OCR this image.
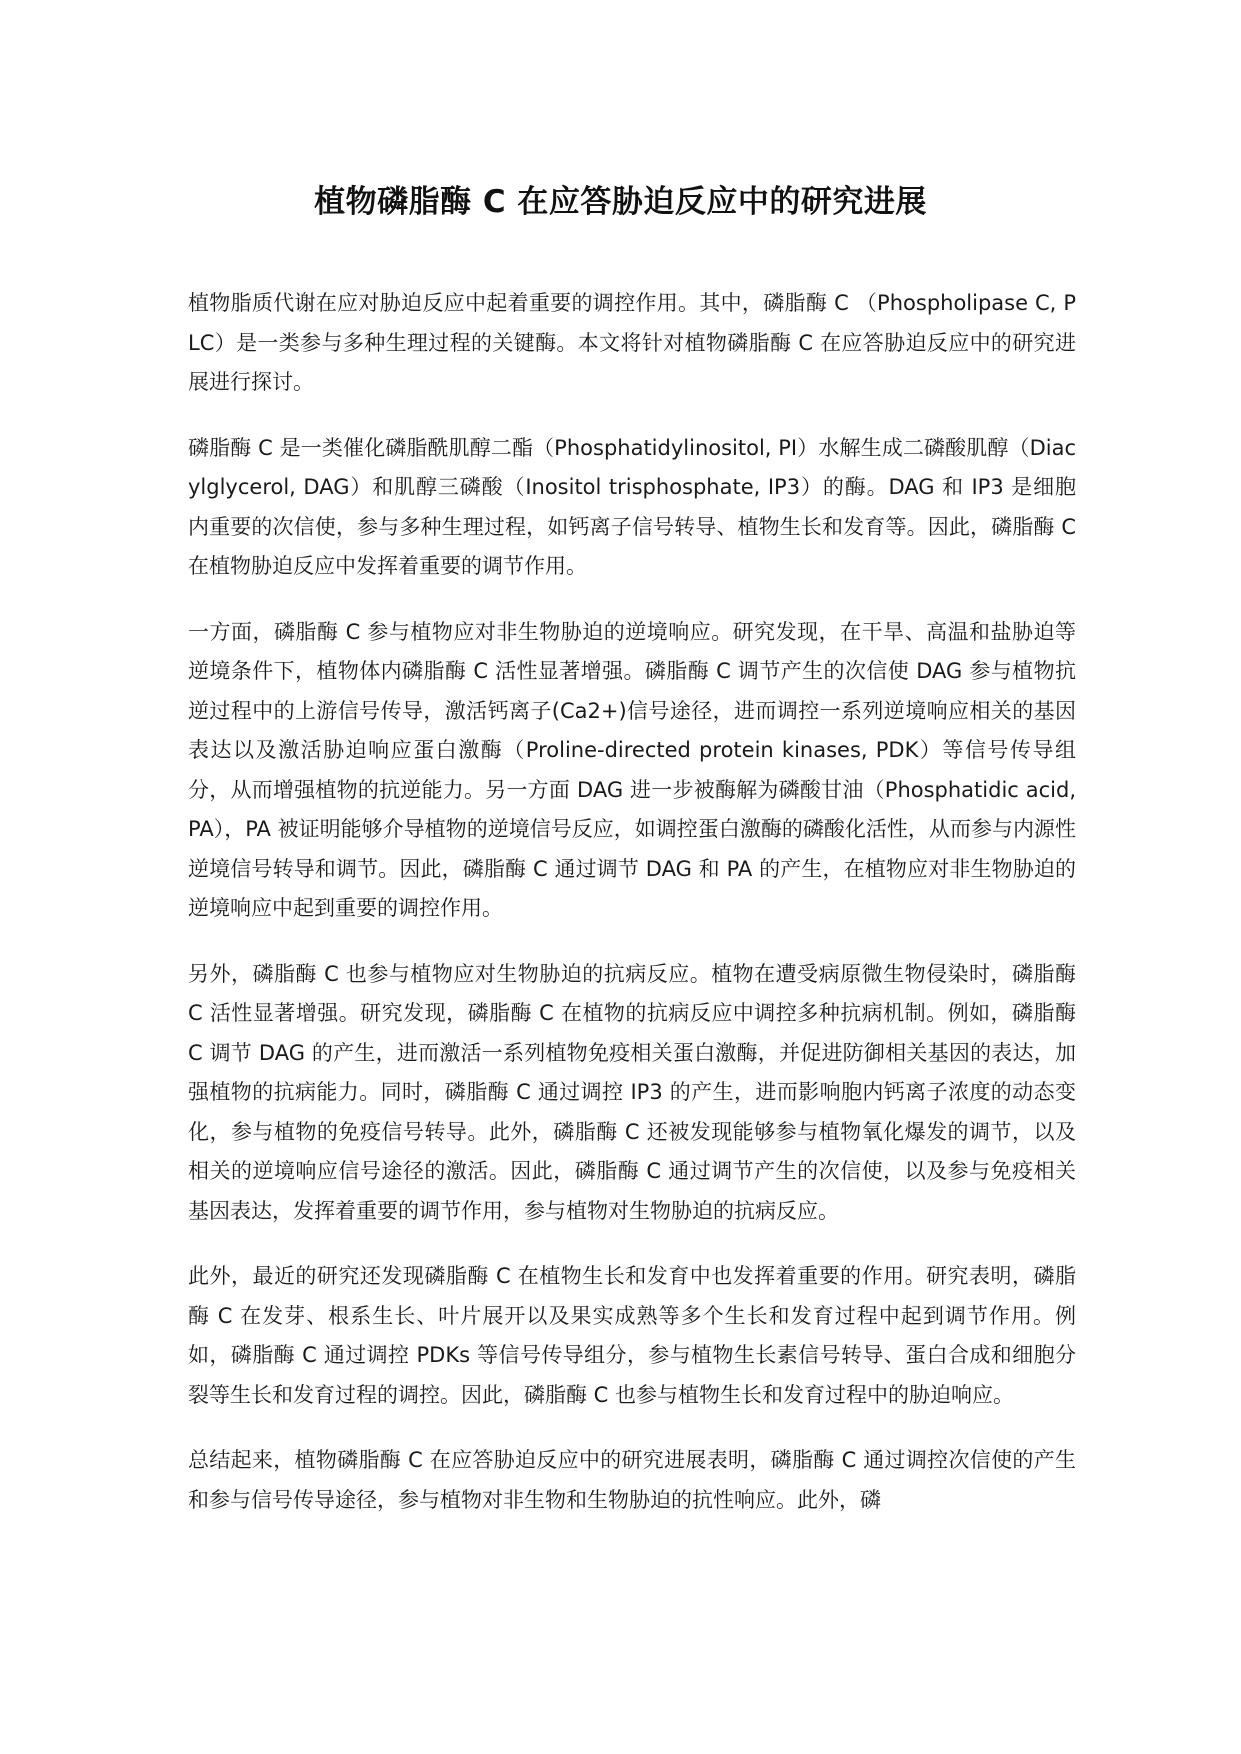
植物磷脂酶 C 在应答胁迫反应中的研究进展

植物脂质代谢在应对胁迫反应中起着重要的调控作用。其中，磷脂酶 C （Phospholipase C, PLC）是一类参与多种生理过程的关键酶。本文将针对植物磷脂酶 C 在应答胁迫反应中的研究进展进行探讨。

磷脂酶 C 是一类催化磷脂酰肌醇二酯（Phosphatidylinositol, PI）水解生成二磷酸肌醇（Diacylglycerol, DAG）和肌醇三磷酸（Inositol trisphosphate, IP3）的酶。DAG 和 IP3 是细胞内重要的次信使，参与多种生理过程，如钙离子信号转导、植物生长和发育等。因此，磷脂酶 C 在植物胁迫反应中发挥着重要的调节作用。

一方面，磷脂酶 C 参与植物应对非生物胁迫的逆境响应。研究发现，在干旱、高温和盐胁迫等逆境条件下，植物体内磷脂酶 C 活性显著增强。磷脂酶 C 调节产生的次信使 DAG 参与植物抗逆过程中的上游信号传导，激活钙离子(Ca2+)信号途径，进而调控一系列逆境响应相关的基因表达以及激活胁迫响应蛋白激酶（Proline-directed protein kinases, PDK）等信号传导组分，从而增强植物的抗逆能力。另一方面 DAG 进一步被酶解为磷酸甘油（Phosphatidic acid, PA），PA 被证明能够介导植物的逆境信号反应，如调控蛋白激酶的磷酸化活性，从而参与内源性逆境信号转导和调节。因此，磷脂酶 C 通过调节 DAG 和 PA 的产生，在植物应对非生物胁迫的逆境响应中起到重要的调控作用。

另外，磷脂酶 C 也参与植物应对生物胁迫的抗病反应。植物在遭受病原微生物侵染时，磷脂酶 C 活性显著增强。研究发现，磷脂酶 C 在植物的抗病反应中调控多种抗病机制。例如，磷脂酶 C 调节 DAG 的产生，进而激活一系列植物免疫相关蛋白激酶，并促进防御相关基因的表达，加强植物的抗病能力。同时，磷脂酶 C 通过调控 IP3 的产生，进而影响胞内钙离子浓度的动态变化，参与植物的免疫信号转导。此外，磷脂酶 C 还被发现能够参与植物氧化爆发的调节，以及相关的逆境响应信号途径的激活。因此，磷脂酶 C 通过调节产生的次信使，以及参与免疫相关基因表达，发挥着重要的调节作用，参与植物对生物胁迫的抗病反应。

此外，最近的研究还发现磷脂酶 C 在植物生长和发育中也发挥着重要的作用。研究表明，磷脂酶 C 在发芽、根系生长、叶片展开以及果实成熟等多个生长和发育过程中起到调节作用。例如，磷脂酶 C 通过调控 PDKs 等信号传导组分，参与植物生长素信号转导、蛋白合成和细胞分裂等生长和发育过程的调控。因此，磷脂酶 C 也参与植物生长和发育过程中的胁迫响应。

总结起来，植物磷脂酶 C 在应答胁迫反应中的研究进展表明，磷脂酶 C 通过调控次信使的产生和参与信号传导途径，参与植物对非生物和生物胁迫的抗性响应。此外，磷
